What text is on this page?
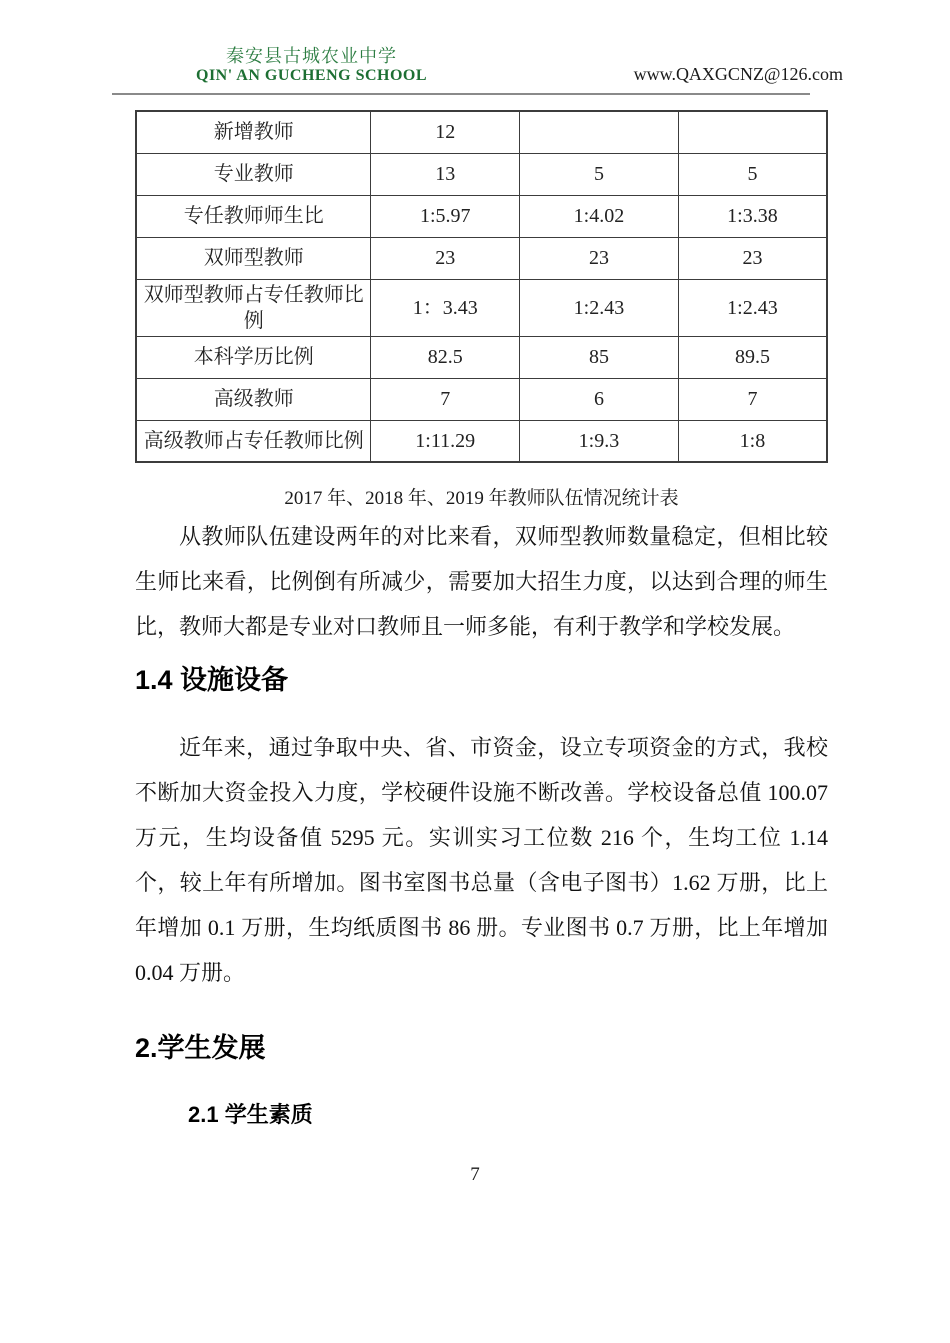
秦安县古城农业中学
QIN' AN GUCHENG SCHOOL	www.QAXGCNZ@126.com
新增教师	12		
专业教师	13	5	5
专任教师师生比	1:5.97	1:4.02	1:3.38
双师型教师	23	23	23
双师型教师占专任教师比例	1：3.43	1:2.43	1:2.43
本科学历比例	82.5	85	89.5
高级教师	7	6	7
高级教师占专任教师比例	1:11.29	1:9.3	1:8
2017 年、2018 年、2019 年教师队伍情况统计表

从教师队伍建设两年的对比来看，双师型教师数量稳定，但相比较生师比来看，比例倒有所减少，需要加大招生力度，以达到合理的师生比，教师大都是专业对口教师且一师多能，有利于教学和学校发展。

1.4 设施设备

近年来，通过争取中央、省、市资金，设立专项资金的方式，我校不断加大资金投入力度，学校硬件设施不断改善。学校设备总值 100.07 万元，生均设备值 5295 元。实训实习工位数 216 个，生均工位 1.14 个，较上年有所增加。图书室图书总量（含电子图书）1.62 万册，比上年增加 0.1 万册，生均纸质图书 86 册。专业图书 0.7 万册，比上年增加 0.04 万册。

2.学生发展
2.1 学生素质
7
